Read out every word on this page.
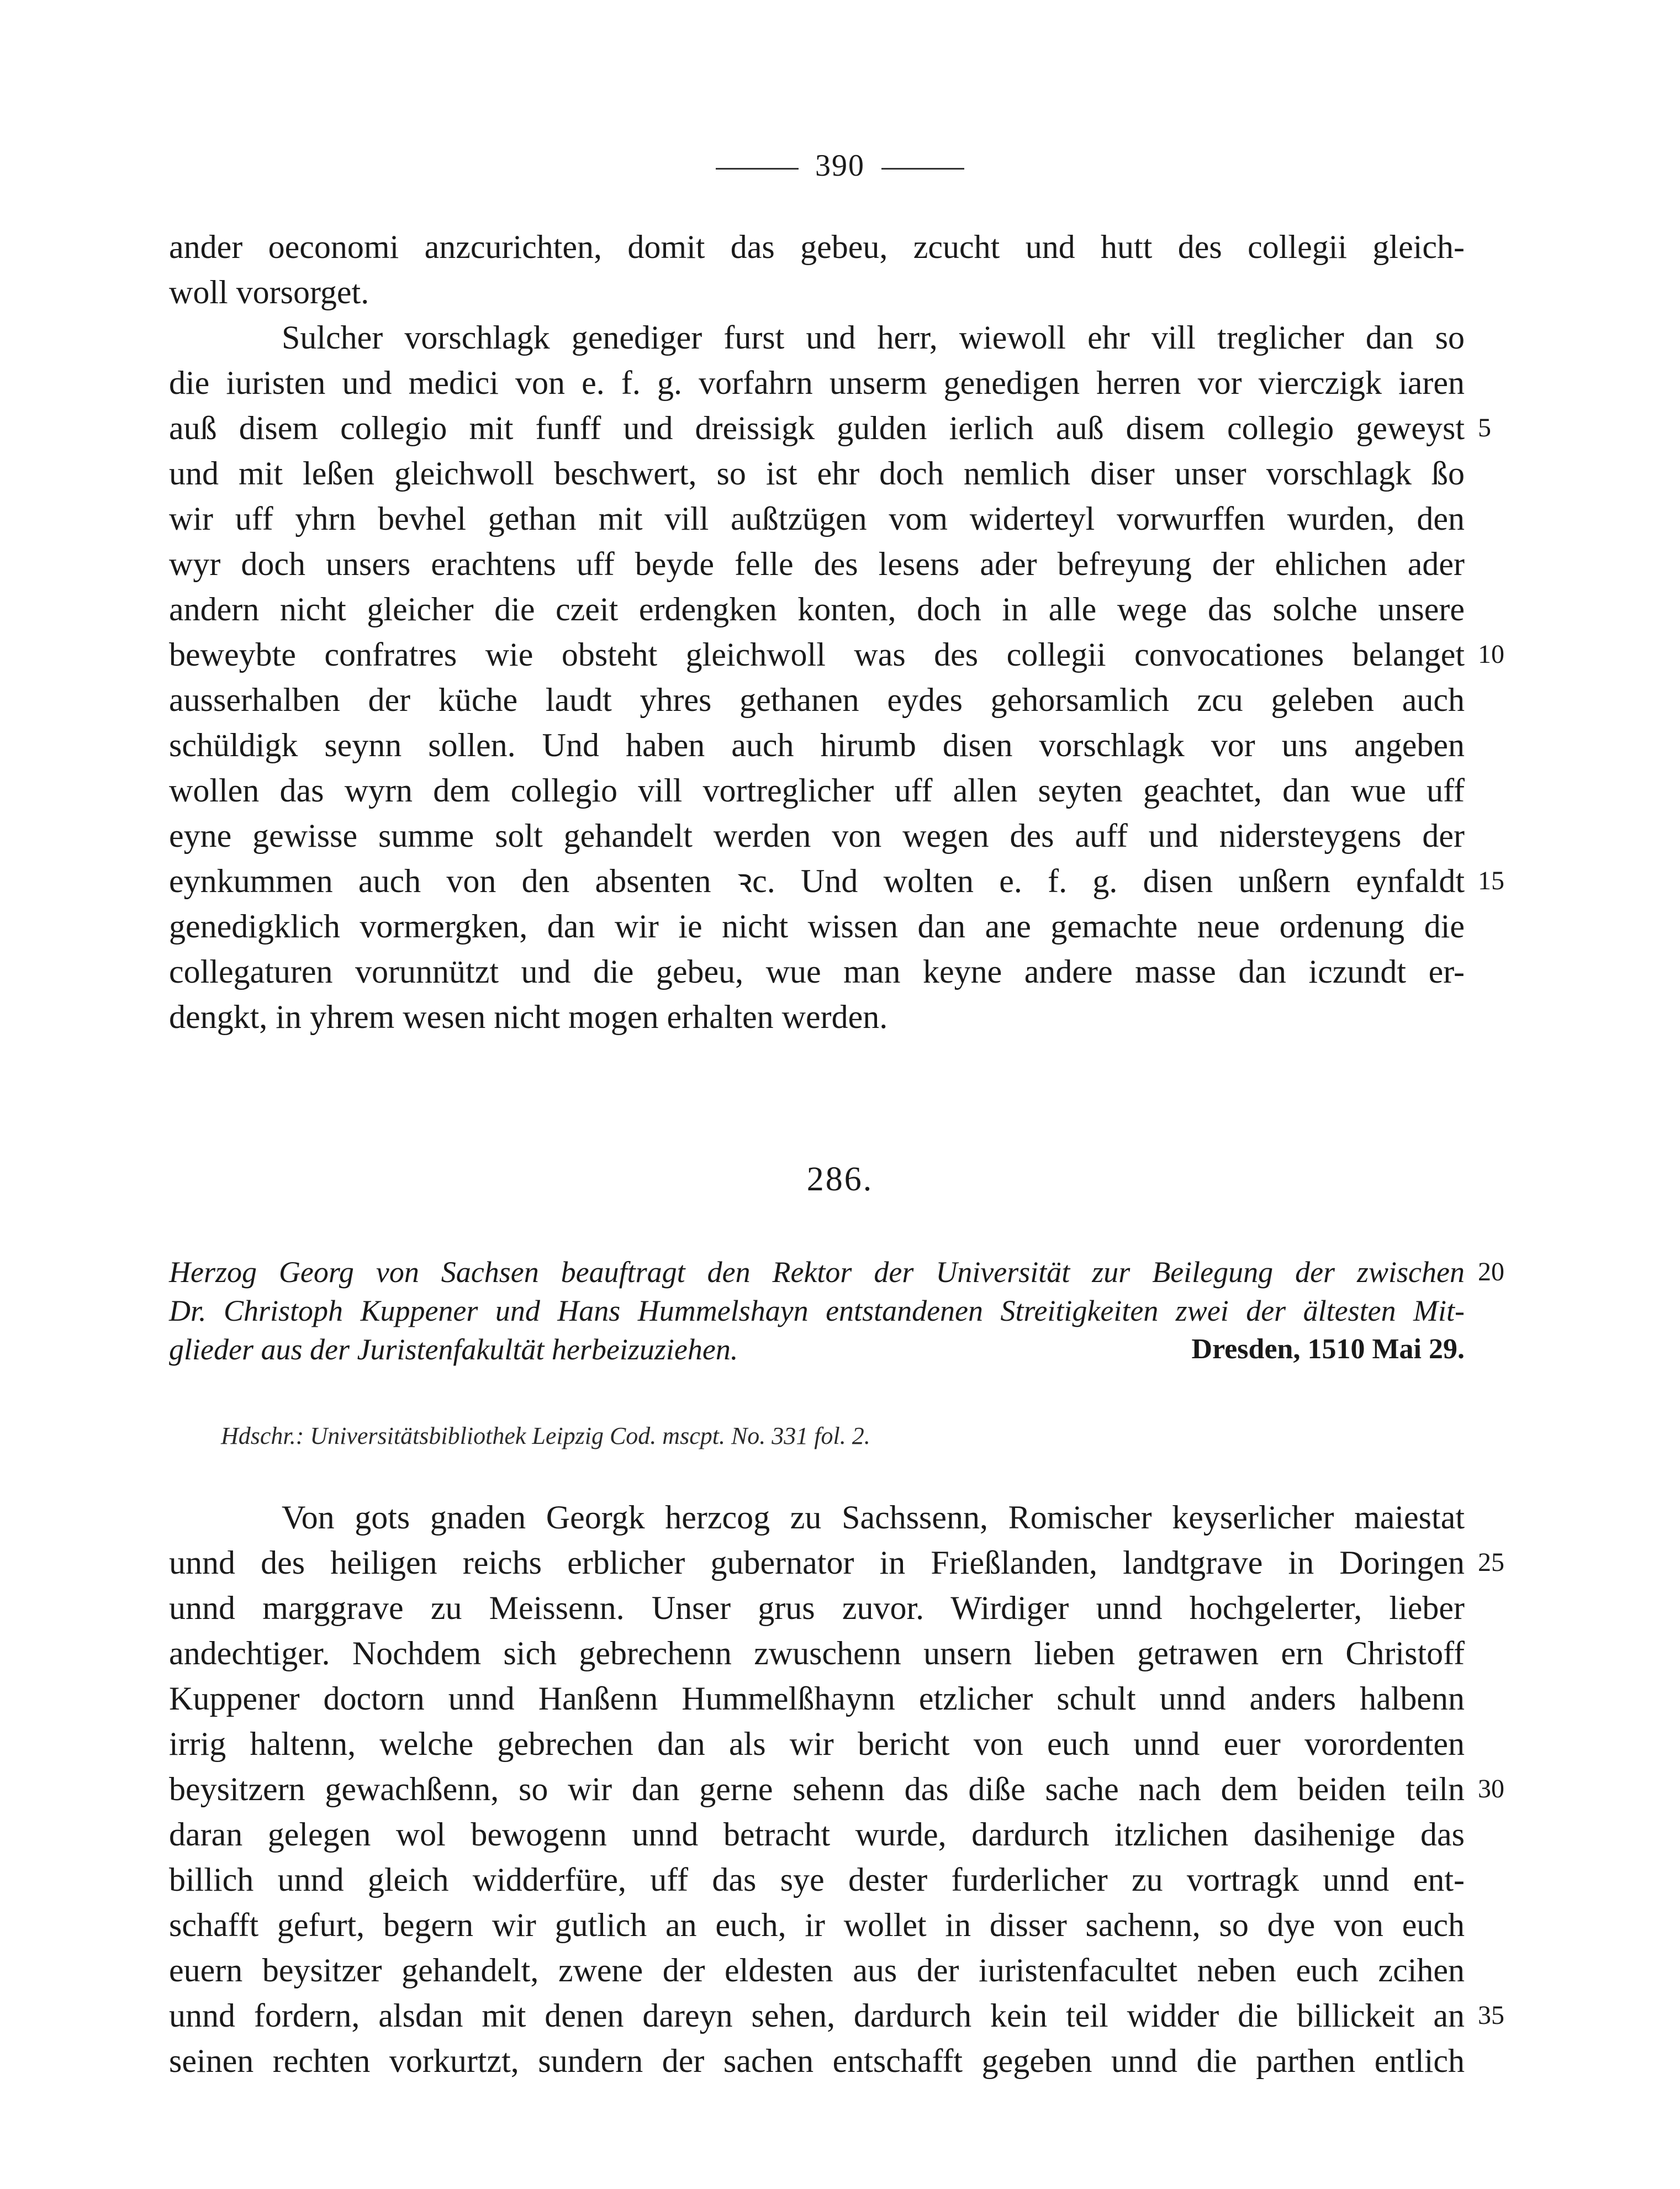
390
ander oeconomi anzcurichten, domit das gebeu, zcucht und hutt des collegii gleich-
woll vorsorget.
Sulcher vorschlagk genediger furst und herr, wiewoll ehr vill treglicher dan so
die iuristen und medici von e. f. g. vorfahrn unserm genedigen herren vor vierczigk iaren
auß disem collegio mit funff und dreissigk gulden ierlich auß disem collegio geweyst
und mit leßen gleichwoll beschwert, so ist ehr doch nemlich diser unser vorschlagk ßo
wir uff yhrn bevhel gethan mit vill außtzügen vom widerteyl vorwurffen wurden, den
wyr doch unsers erachtens uff beyde felle des lesens ader befreyung der ehlichen ader
andern nicht gleicher die czeit erdengken konten, doch in alle wege das solche unsere
beweybte confratres wie obsteht gleichwoll was des collegii convocationes belanget
ausserhalben der küche laudt yhres gethanen eydes gehorsamlich zcu geleben auch
schüldigk seynn sollen. Und haben auch hirumb disen vorschlagk vor uns angeben
wollen das wyrn dem collegio vill vortreglicher uff allen seyten geachtet, dan wue uff
eyne gewisse summe solt gehandelt werden von wegen des auff und nidersteygens der
eynkummen auch von den absenten ꝛc. Und wolten e. f. g. disen unßern eynfaldt
genedigklich vormergken, dan wir ie nicht wissen dan ane gemachte neue ordenung die
collegaturen vorunnützt und die gebeu, wue man keyne andere masse dan iczundt er-
dengkt, in yhrem wesen nicht mogen erhalten werden.
5
10
15
286.
Herzog Georg von Sachsen beauftragt den Rektor der Universität zur Beilegung der zwischen
Dr. Christoph Kuppener und Hans Hummelshayn entstandenen Streitigkeiten zwei der ältesten Mit-
glieder aus der Juristenfakultät herbeizuziehen.	Dresden, 1510 Mai 29.
20
Hdschr.: Universitätsbibliothek Leipzig Cod. mscpt. No. 331 fol. 2.
Von gots gnaden Georgk herzcog zu Sachssenn, Romischer keyserlicher maiestat
unnd des heiligen reichs erblicher gubernator in Frießlanden, landtgrave in Doringen
unnd marggrave zu Meissenn. Unser grus zuvor. Wirdiger unnd hochgelerter, lieber
andechtiger. Nochdem sich gebrechenn zwuschenn unsern lieben getrawen ern Christoff
Kuppener doctorn unnd Hanßenn Hummelßhaynn etzlicher schult unnd anders halbenn
irrig haltenn, welche gebrechen dan als wir bericht von euch unnd euer vorordenten
beysitzern gewachßenn, so wir dan gerne sehenn das diße sache nach dem beiden teiln
daran gelegen wol bewogenn unnd betracht wurde, dardurch itzlichen dasihenige das
billich unnd gleich widderfüre, uff das sye dester furderlicher zu vortragk unnd ent-
schafft gefurt, begern wir gutlich an euch, ir wollet in disser sachenn, so dye von euch
euern beysitzer gehandelt, zwene der eldesten aus der iuristenfacultet neben euch zcihen
unnd fordern, alsdan mit denen dareyn sehen, dardurch kein teil widder die billickeit an
seinen rechten vorkurtzt, sundern der sachen entschafft gegeben unnd die parthen entlich
25
30
35
